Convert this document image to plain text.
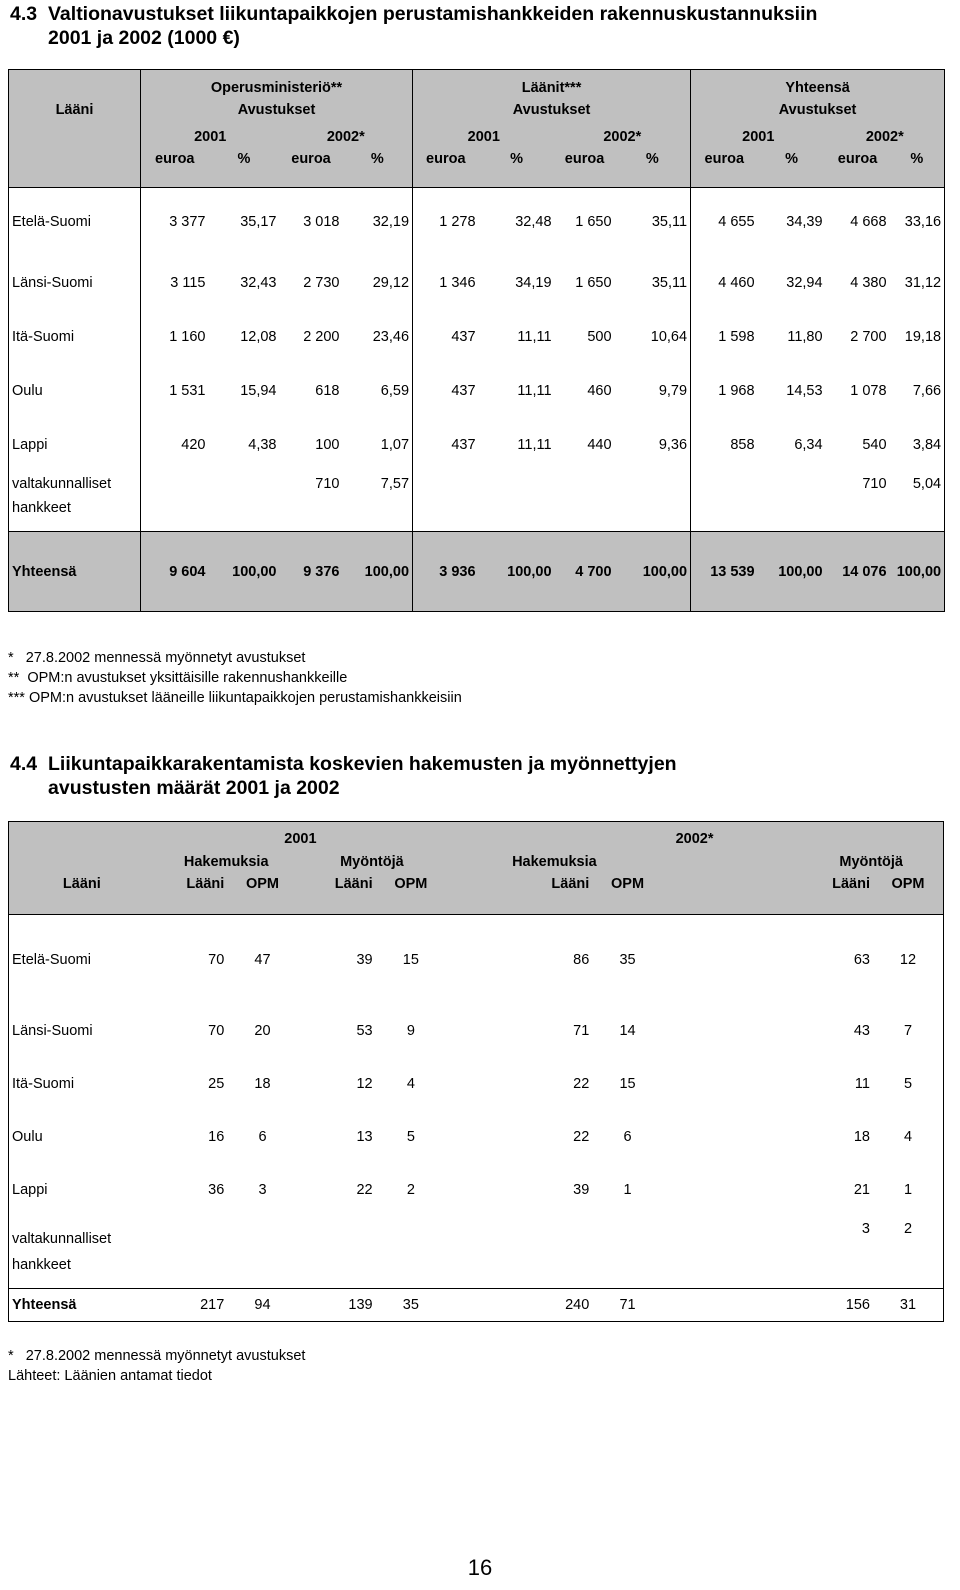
4.3 Valtionavustukset liikuntapaikkojen perustamishankkeiden rakennuskustannuksiin
2001 ja 2002 (1000 €)
	Operusministeriö**				Läänit***				Yhteensä			
Lääni	Avustukset				Avustukset				Avustukset			
	2001		2002*		2001		2002*		2001		2002*	
	euroa	%	euroa	%	euroa	%	euroa	%	euroa	%	euroa	%
Etelä-Suomi	3 377	35,17	3 018	32,19	1 278	32,48	1 650	35,11	4 655	34,39	4 668	33,16
Länsi-Suomi	3 115	32,43	2 730	29,12	1 346	34,19	1 650	35,11	4 460	32,94	4 380	31,12
Itä-Suomi	1 160	12,08	2 200	23,46	437	11,11	500	10,64	1 598	11,80	2 700	19,18
Oulu	1 531	15,94	618	6,59	437	11,11	460	9,79	1 968	14,53	1 078	7,66
Lappi	420	4,38	100	1,07	437	11,11	440	9,36	858	6,34	540	3,84

valtakunnalliset
hankkeet			710	7,57							710	5,04
Yhteensä	9 604	100,00	9 376	100,00	3 936	100,00	4 700	100,00	13 539	100,00	14 076	100,00
*   27.8.2002 mennessä myönnetyt avustukset
**  OPM:n avustukset yksittäisille rakennushankkeille
*** OPM:n avustukset lääneille liikuntapaikkojen perustamishankkeisiin
4.4 Liikuntapaikkarakentamista koskevien hakemusten ja myönnettyjen
avustusten määrät 2001 ja 2002
	2001				2002*			
	Hakemuksia		Myöntöjä		Hakemuksia		Myöntöjä	
Lääni	Lääni	OPM	Lääni	OPM	Lääni	OPM	Lääni	OPM
Etelä-Suomi	70	47	39	15	86	35	63	12
Länsi-Suomi	70	20	53	9	71	14	43	7
Itä-Suomi	25	18	12	4	22	15	11	5
Oulu	16	6	13	5	22	6	18	4
Lappi	36	3	22	2	39	1	21	1

valtakunnalliset
hankkeet							3	2
Yhteensä	217	94	139	35	240	71	156	31
*   27.8.2002 mennessä myönnetyt avustukset
Lähteet: Läänien antamat tiedot
16
